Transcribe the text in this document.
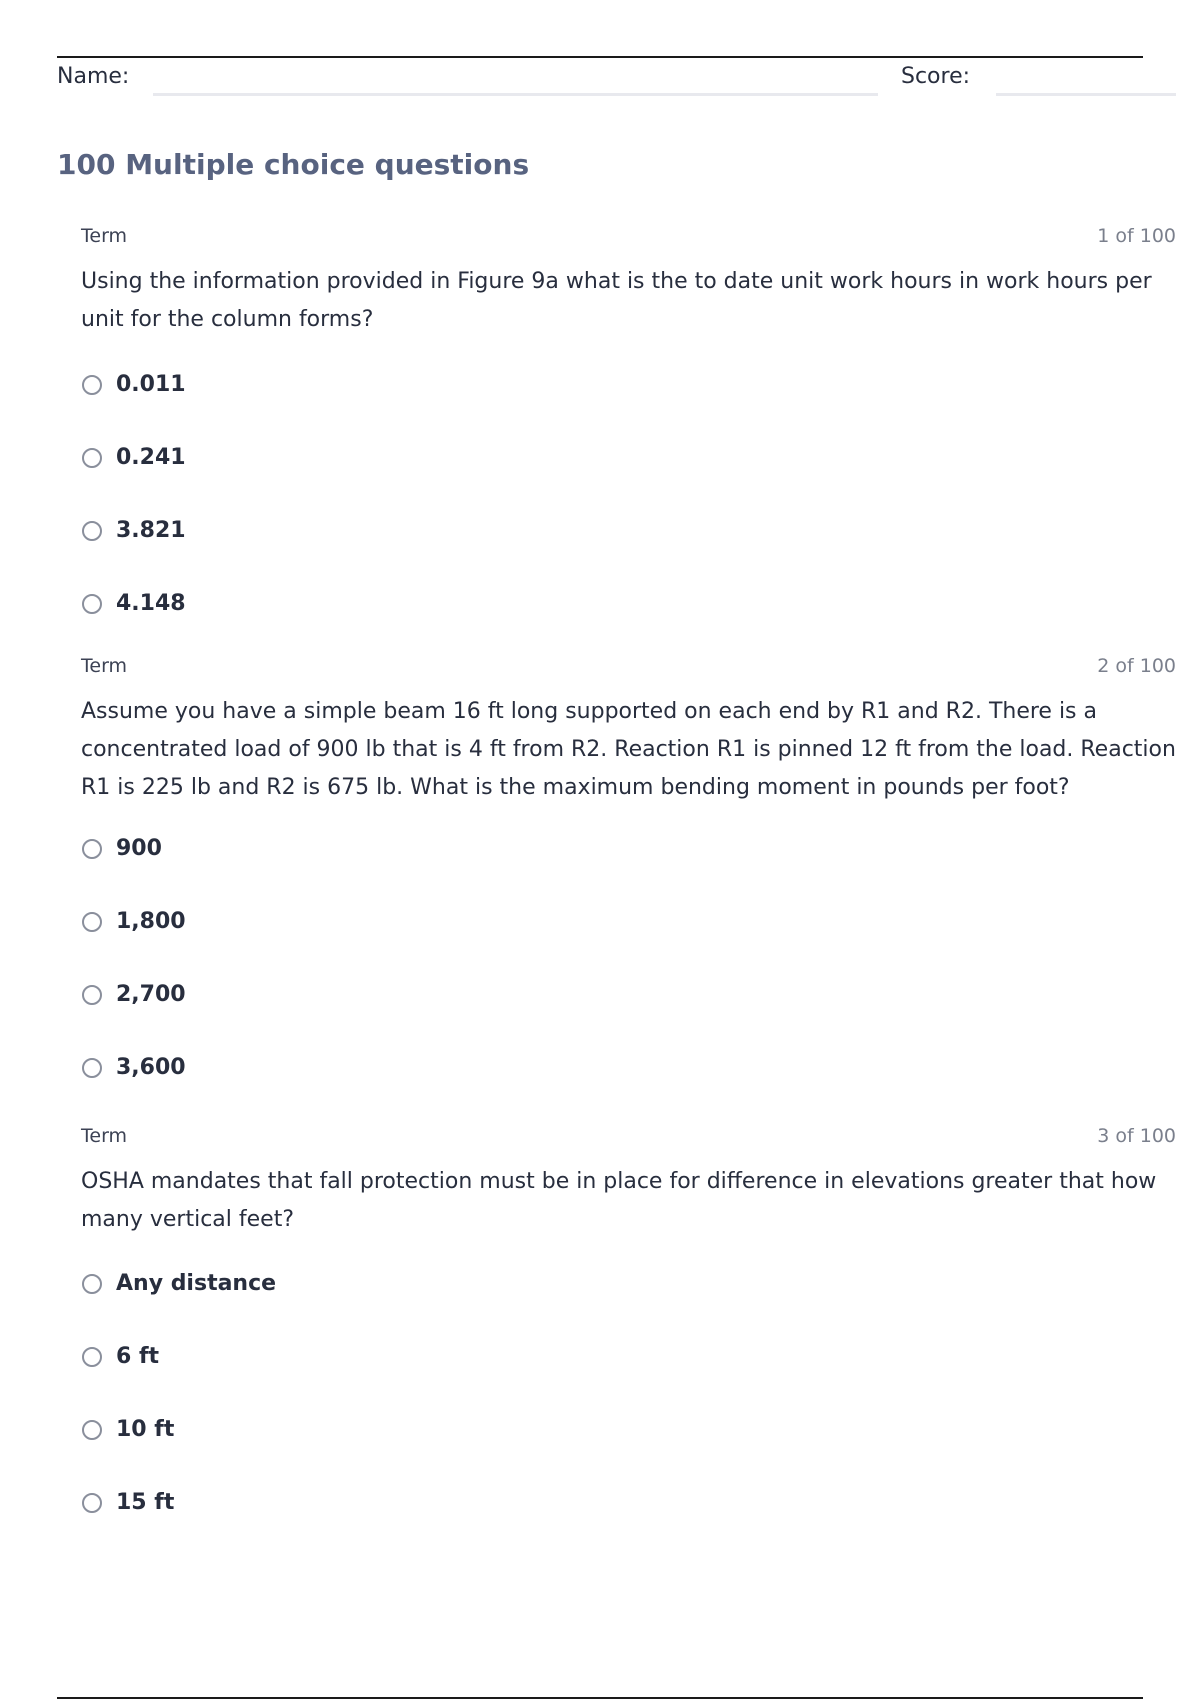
Name:	Score:
100 Multiple choice questions
Term	1 of 100
Using the information provided in Figure 9a what is the to date unit work hours in work hours per unit for the column forms?
0.011
0.241
3.821
4.148
Term	2 of 100
Assume you have a simple beam 16 ft long supported on each end by R1 and R2. There is a concentrated load of 900 lb that is 4 ft from R2. Reaction R1 is pinned 12 ft from the load. Reaction R1 is 225 lb and R2 is 675 lb. What is the maximum bending moment in pounds per foot?
900
1,800
2,700
3,600
Term	3 of 100
OSHA mandates that fall protection must be in place for difference in elevations greater that how many vertical feet?
Any distance
6 ft
10 ft
15 ft
